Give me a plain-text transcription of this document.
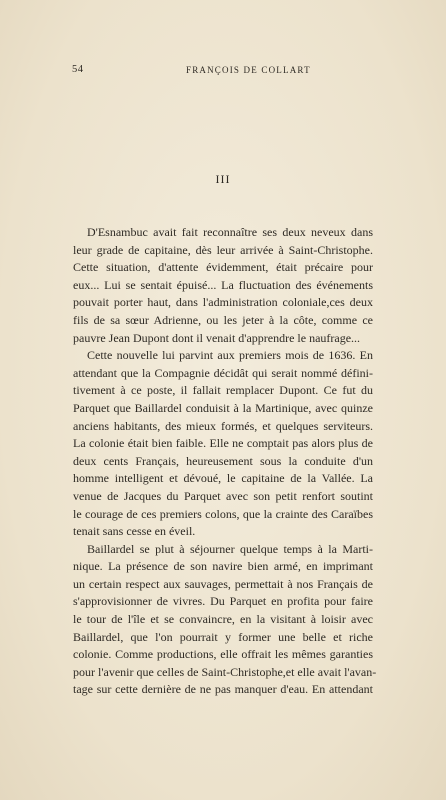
54	FRANÇOIS DE COLLART
III
D'Esnambuc avait fait reconnaître ses deux neveux dans
leur grade de capitaine, dès leur arrivée à Saint-Christophe.
Cette situation, d'attente évidemment, était précaire pour
eux... Lui se sentait épuisé... La fluctuation des événements
pouvait porter haut, dans l'administration coloniale,ces deux
fils de sa sœur Adrienne, ou les jeter à la côte, comme ce
pauvre Jean Dupont dont il venait d'apprendre le naufrage...
Cette nouvelle lui parvint aux premiers mois de 1636. En
attendant que la Compagnie décidât qui serait nommé défini-
tivement à ce poste, il fallait remplacer Dupont. Ce fut du
Parquet que Baillardel conduisit à la Martinique, avec quinze
anciens habitants, des mieux formés, et quelques serviteurs.
La colonie était bien faible. Elle ne comptait pas alors plus de
deux cents Français, heureusement sous la conduite d'un
homme intelligent et dévoué, le capitaine de la Vallée. La
venue de Jacques du Parquet avec son petit renfort soutint
le courage de ces premiers colons, que la crainte des Caraïbes
tenait sans cesse en éveil.
Baillardel se plut à séjourner quelque temps à la Marti-
nique. La présence de son navire bien armé, en imprimant
un certain respect aux sauvages, permettait à nos Français de
s'approvisionner de vivres. Du Parquet en profita pour faire
le tour de l'île et se convaincre, en la visitant à loisir avec
Baillardel, que l'on pourrait y former une belle et riche
colonie. Comme productions, elle offrait les mêmes garanties
pour l'avenir que celles de Saint-Christophe,et elle avait l'avan-
tage sur cette dernière de ne pas manquer d'eau. En attendant
